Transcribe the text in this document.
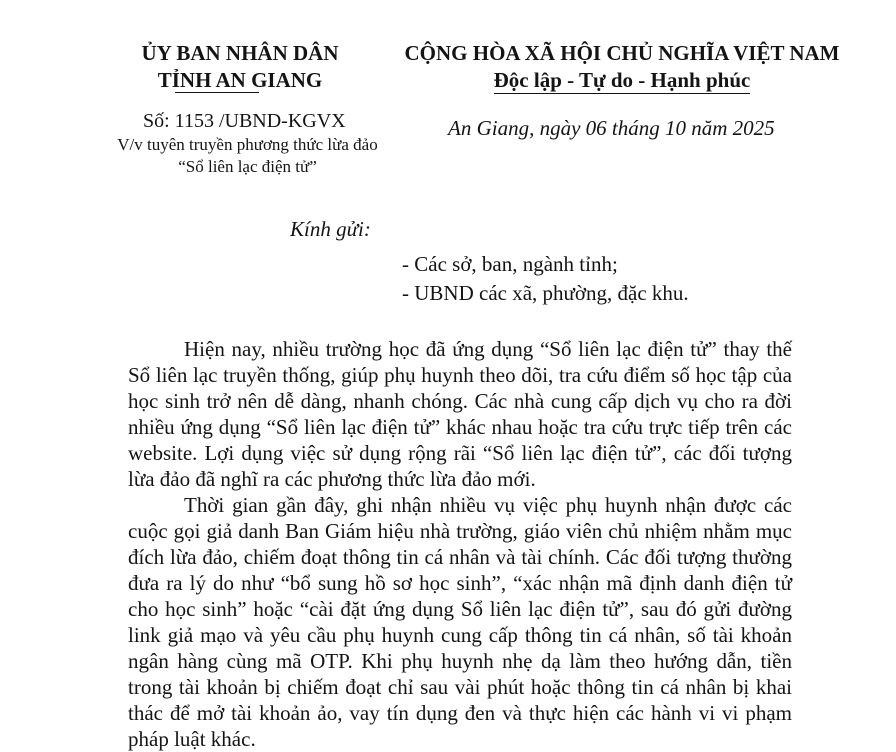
ỦY BAN NHÂN DÂN
TỈNH AN GIANG
CỘNG HÒA XÃ HỘI CHỦ NGHĨA VIỆT NAM
Độc lập - Tự do - Hạnh phúc
Số: 1153 /UBND-KGVX
V/v tuyên truyền phương thức lừa đảo “Sổ liên lạc điện tử”
An Giang, ngày 06 tháng 10 năm 2025
Kính gửi:
- Các sở, ban, ngành tỉnh;
- UBND các xã, phường, đặc khu.

Hiện nay, nhiều trường học đã ứng dụng “Sổ liên lạc điện tử” thay thế Sổ liên lạc truyền thống, giúp phụ huynh theo dõi, tra cứu điểm số học tập của học sinh trở nên dễ dàng, nhanh chóng. Các nhà cung cấp dịch vụ cho ra đời nhiều ứng dụng “Sổ liên lạc điện tử” khác nhau hoặc tra cứu trực tiếp trên các website. Lợi dụng việc sử dụng rộng rãi “Sổ liên lạc điện tử”, các đối tượng lừa đảo đã nghĩ ra các phương thức lừa đảo mới.

Thời gian gần đây, ghi nhận nhiều vụ việc phụ huynh nhận được các cuộc gọi giả danh Ban Giám hiệu nhà trường, giáo viên chủ nhiệm nhằm mục đích lừa đảo, chiếm đoạt thông tin cá nhân và tài chính. Các đối tượng thường đưa ra lý do như “bổ sung hồ sơ học sinh”, “xác nhận mã định danh điện tử cho học sinh” hoặc “cài đặt ứng dụng Sổ liên lạc điện tử”, sau đó gửi đường link giả mạo và yêu cầu phụ huynh cung cấp thông tin cá nhân, số tài khoản ngân hàng cùng mã OTP. Khi phụ huynh nhẹ dạ làm theo hướng dẫn, tiền trong tài khoản bị chiếm đoạt chỉ sau vài phút hoặc thông tin cá nhân bị khai thác để mở tài khoản ảo, vay tín dụng đen và thực hiện các hành vi vi phạm pháp luật khác.
